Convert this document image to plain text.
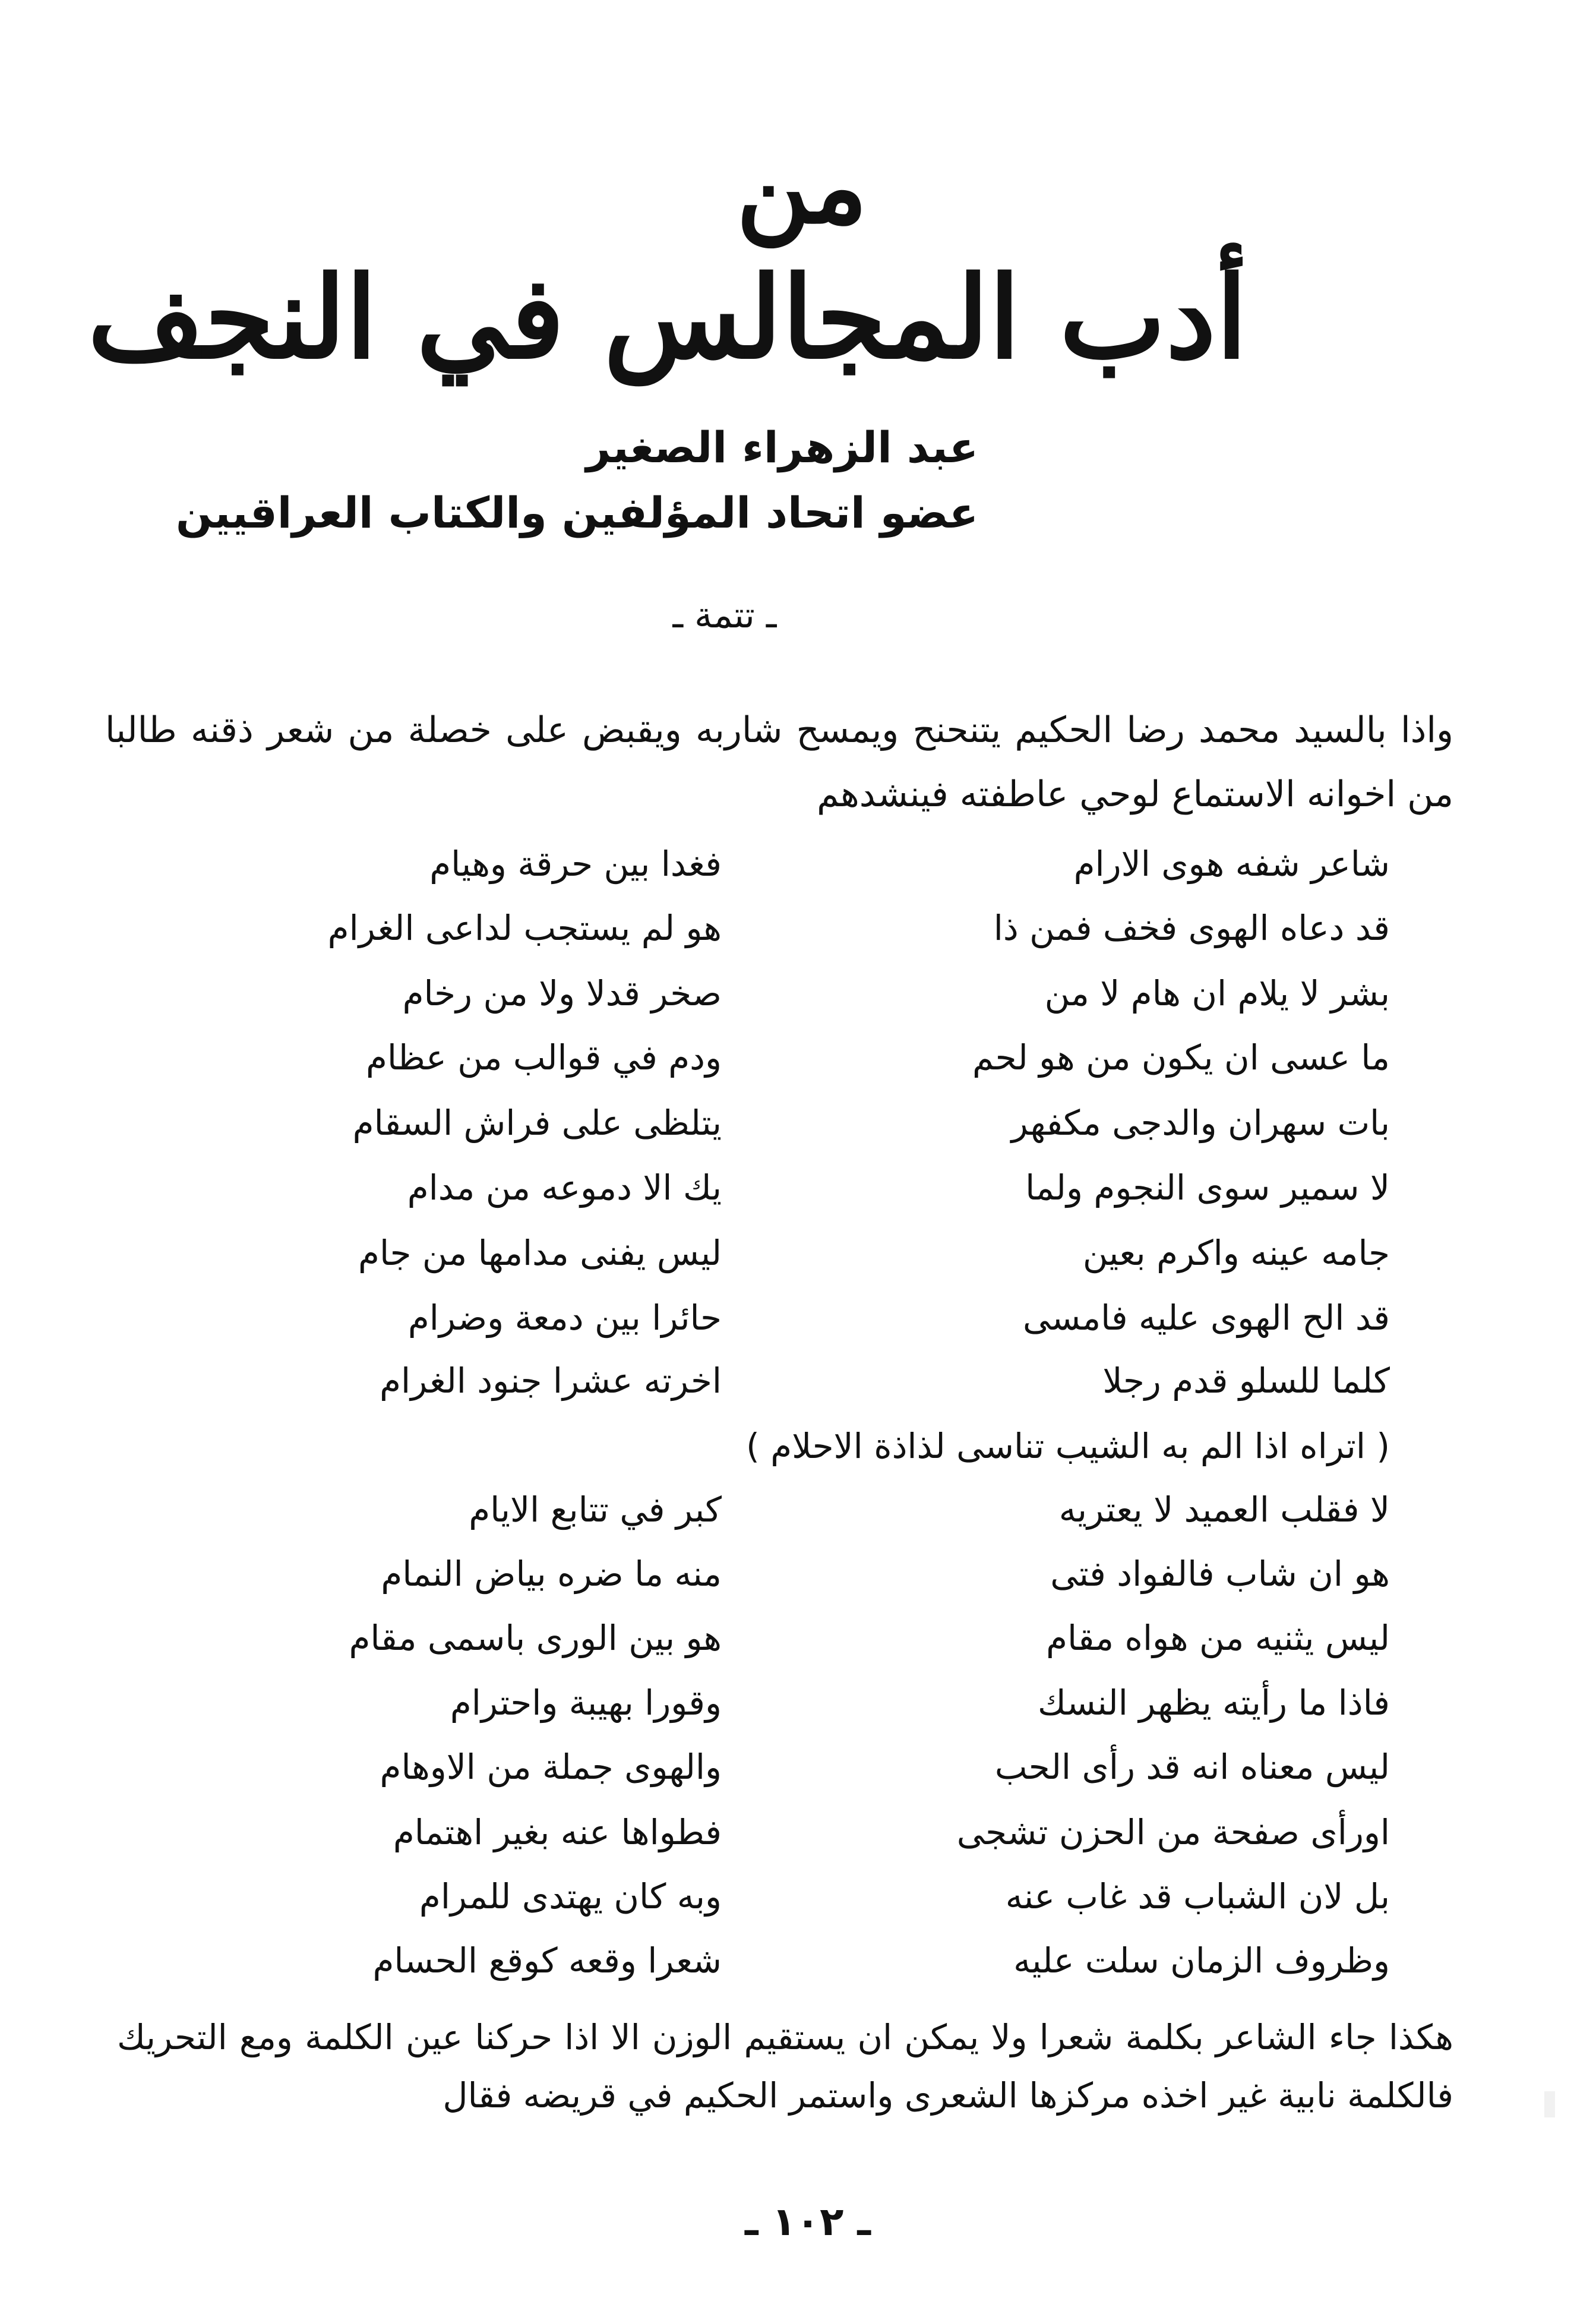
من
أدب المجالس في النجف
عبد الزهراء الصغير
عضو اتحاد المؤلفين والكتاب العراقيين
ـ تتمة ـ
واذا بالسيد محمد رضا الحكيم يتنحنح ويمسح شاربه ويقبض على خصلة من شعر ذقنه طالبا من اخوانه الاستماع لوحي عاطفته فينشدهم
شاعر شفه هوى الارام
فغدا بين حرقة وهيام
قد دعاه الهوى فخف فمن ذا
هو لم يستجب لداعى الغرام
بشر لا يلام ان هام لا من
صخر قدلا ولا من رخام
ما عسى ان يكون من هو لحم
ودم في قوالب من عظام
بات سهران والدجى مكفهر
يتلظى على فراش السقام
لا سمير سوى النجوم ولما
يك الا دموعه من مدام
جامه عينه واكرم بعين
ليس يفنى مدامها من جام
قد الح الهوى عليه فامسى
حائرا بين دمعة وضرام
كلما للسلو قدم رجلا
اخرته عشرا جنود الغرام
( اتراه اذا الم به الشيب تناسى لذاذة الاحلام )
لا فقلب العميد لا يعتريه
كبر في تتابع الايام
هو ان شاب فالفواد فتى
منه ما ضره بياض النمام
ليس يثنيه من هواه مقام
هو بين الورى باسمى مقام
فاذا ما رأيته يظهر النسك
وقورا بهيبة واحترام
ليس معناه انه قد رأى الحب
والهوى جملة من الاوهام
اورأى صفحة من الحزن تشجى
فطواها عنه بغير اهتمام
بل لان الشباب قد غاب عنه
وبه كان يهتدى للمرام
وظروف الزمان سلت عليه
شعرا وقعه كوقع الحسام
هكذا جاء الشاعر بكلمة شعرا ولا يمكن ان يستقيم الوزن الا اذا حركنا عين الكلمة ومع التحريك فالكلمة نابية غير اخذه مركزها الشعرى واستمر الحكيم في قريضه فقال
ـ ١٠٢ ـ
